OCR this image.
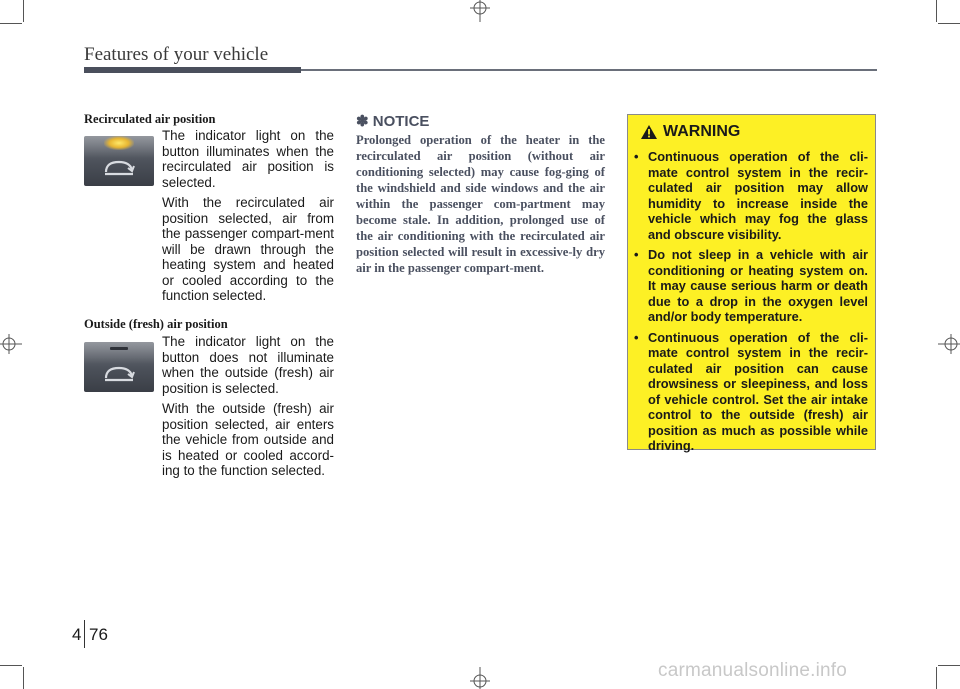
Features of your vehicle
Recirculated air position

The indicator light on the button illuminates when the recirculated air position is selected.

With the recirculated air position selected, air from the passenger compart-ment will be drawn through the heating system and heated or cooled according to the function selected.

Outside (fresh) air position

The indicator light on the button does not illuminate when the outside (fresh) air position is selected.

With the outside (fresh) air position selected, air enters the vehicle from outside and is heated or cooled accord-ing to the function selected.

✽ NOTICE

Prolonged operation of the heater in the recirculated air position (without air conditioning selected) may cause fog-ging of the windshield and side windows and the air within the passenger com-partment may become stale. In addition, prolonged use of the air conditioning with the recirculated air position selected will result in excessive-ly dry air in the passenger compart-ment.

WARNING
• Continuous operation of the cli-mate control system in the recir-culated air position may allow humidity to increase inside the vehicle which may fog the glass and obscure visibility.
• Do not sleep in a vehicle with air conditioning or heating system on. It may cause serious harm or death due to a drop in the oxygen level and/or body temperature.
• Continuous operation of the cli-mate control system in the recir-culated air position can cause drowsiness or sleepiness, and loss of vehicle control. Set the air intake control to the outside (fresh) air position as much as possible while driving.
4 76
carmanualsonline.info
